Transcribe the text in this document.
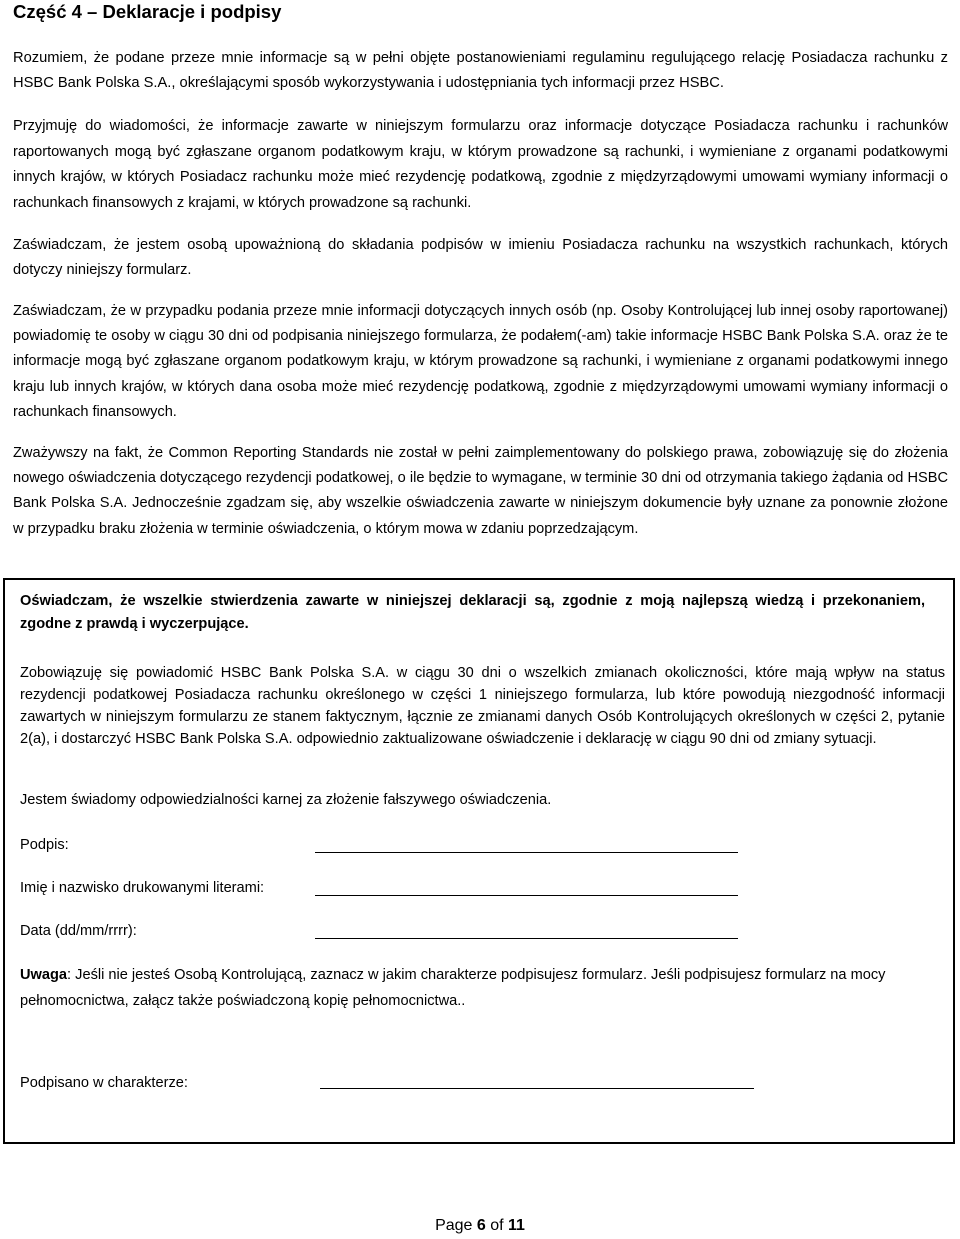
Część 4 – Deklaracje i podpisy

Rozumiem, że podane przeze mnie informacje są w pełni objęte postanowieniami regulaminu regulującego relację Posiadacza rachunku z HSBC Bank Polska S.A., określającymi sposób wykorzystywania i udostępniania tych informacji przez HSBC.

Przyjmuję do wiadomości, że informacje zawarte w niniejszym formularzu oraz informacje dotyczące Posiadacza rachunku i rachunków raportowanych mogą być zgłaszane organom podatkowym kraju, w którym prowadzone są rachunki, i wymieniane z organami podatkowymi innych krajów, w których Posiadacz rachunku może mieć rezydencję podatkową, zgodnie z międzyrządowymi umowami wymiany informacji o rachunkach finansowych z krajami, w których prowadzone są rachunki.

Zaświadczam, że jestem osobą upoważnioną do składania podpisów w imieniu Posiadacza rachunku na wszystkich rachunkach, których dotyczy niniejszy formularz.

Zaświadczam, że w przypadku podania przeze mnie informacji dotyczących innych osób (np. Osoby Kontrolującej lub innej osoby raportowanej) powiadomię te osoby w ciągu 30 dni od podpisania niniejszego formularza, że podałem(-am) takie informacje HSBC Bank Polska S.A. oraz że te informacje mogą być zgłaszane organom podatkowym kraju, w którym prowadzone są rachunki, i wymieniane z organami podatkowymi innego kraju lub innych krajów, w których dana osoba może mieć rezydencję podatkową, zgodnie z międzyrządowymi umowami wymiany informacji o rachunkach finansowych.

Zważywszy na fakt, że Common Reporting Standards nie został w pełni zaimplementowany do polskiego prawa, zobowiązuję się do złożenia nowego oświadczenia dotyczącego rezydencji podatkowej, o ile będzie to wymagane, w terminie 30 dni od otrzymania takiego żądania od HSBC Bank Polska S.A. Jednocześnie zgadzam się, aby wszelkie oświadczenia zawarte w niniejszym dokumencie były uznane za ponownie złożone w przypadku braku złożenia w terminie oświadczenia, o którym mowa w zdaniu poprzedzającym.

Oświadczam, że wszelkie stwierdzenia zawarte w niniejszej deklaracji są, zgodnie z moją najlepszą wiedzą i przekonaniem, zgodne z prawdą i wyczerpujące.

Zobowiązuję się powiadomić HSBC Bank Polska S.A. w ciągu 30 dni o wszelkich zmianach okoliczności, które mają wpływ na status rezydencji podatkowej Posiadacza rachunku określonego w części 1 niniejszego formularza, lub które powodują niezgodność informacji zawartych w niniejszym formularzu ze stanem faktycznym, łącznie ze zmianami danych Osób Kontrolujących określonych w części 2, pytanie 2(a), i dostarczyć HSBC Bank Polska S.A. odpowiednio zaktualizowane oświadczenie i deklarację w ciągu 90 dni od zmiany sytuacji.

Jestem świadomy odpowiedzialności karnej za złożenie fałszywego oświadczenia.

Podpis:
Imię i nazwisko drukowanymi literami:
Data (dd/mm/rrrr):

Uwaga: Jeśli nie jesteś Osobą Kontrolującą, zaznacz w jakim charakterze podpisujesz formularz. Jeśli podpisujesz formularz na mocy pełnomocnictwa, załącz także poświadczoną kopię pełnomocnictwa..

Podpisano w charakterze:
Page 6 of 11
